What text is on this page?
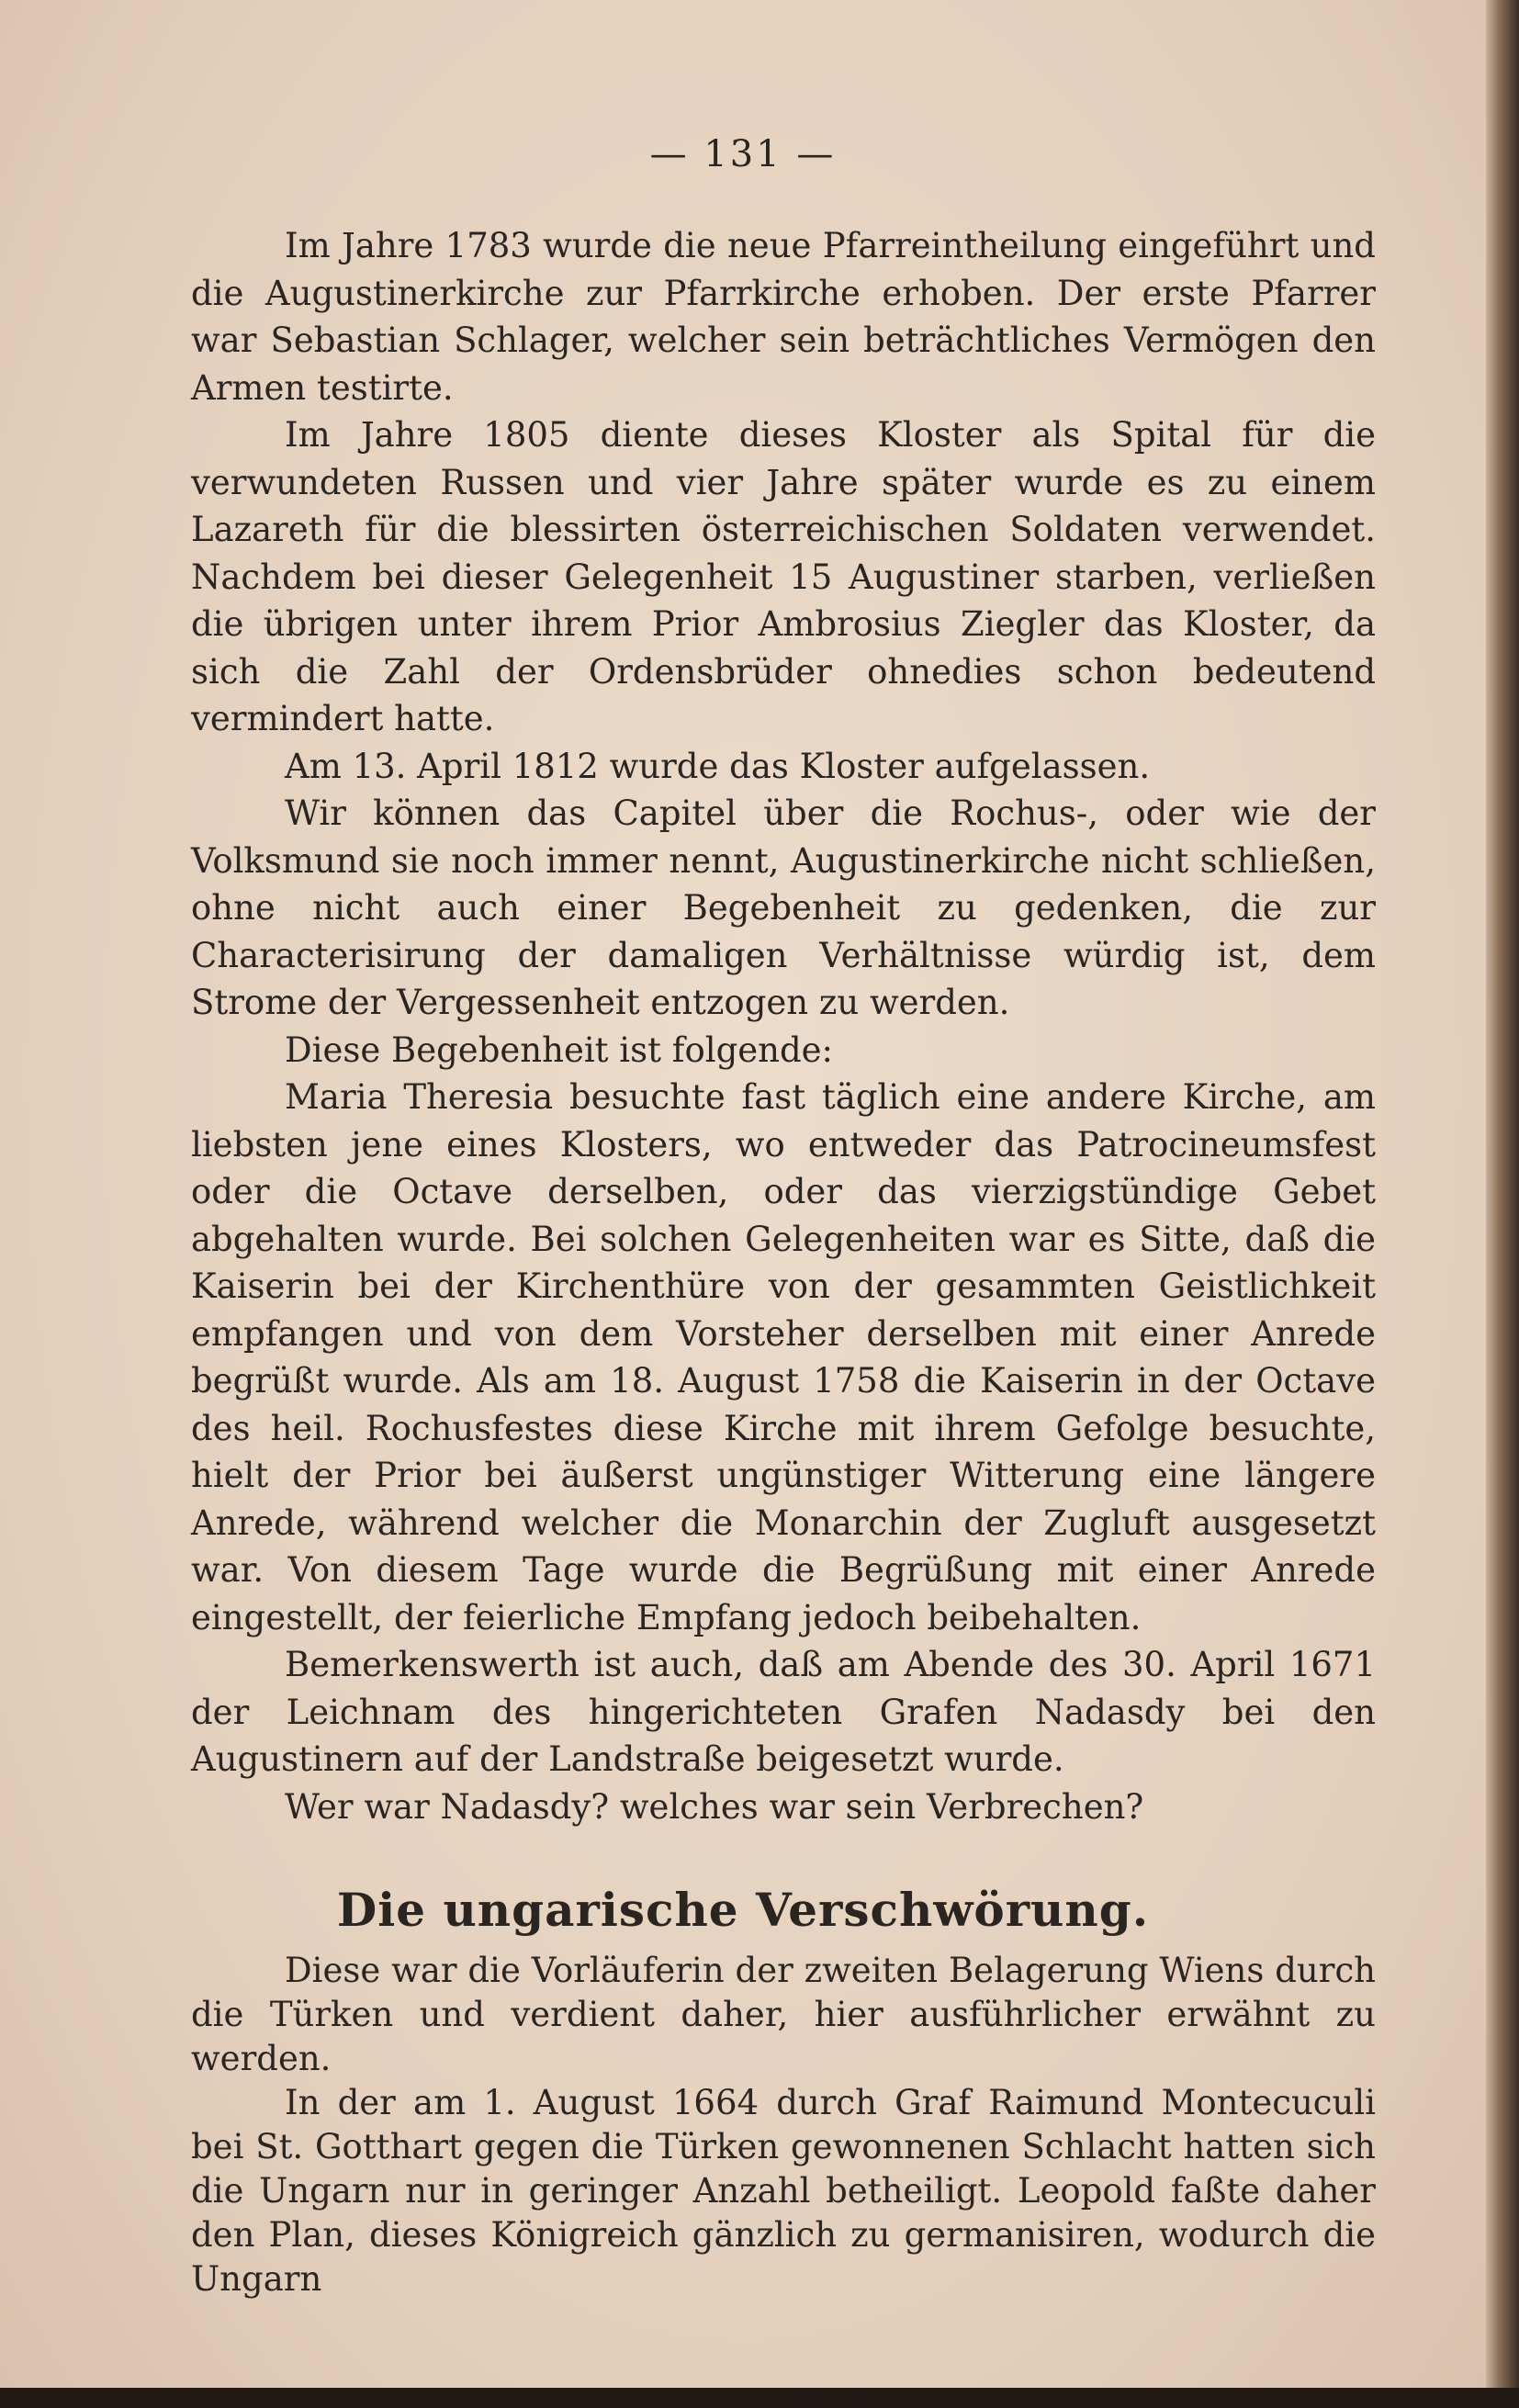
— 131 —

Im Jahre 1783 wurde die neue Pfarreintheilung eingeführt und die Augustinerkirche zur Pfarrkirche erhoben. Der erste Pfarrer war Sebastian Schlager, welcher sein beträchtliches Vermögen den Armen testirte.

Im Jahre 1805 diente dieses Kloster als Spital für die verwundeten Russen und vier Jahre später wurde es zu einem Lazareth für die blessirten österreichischen Soldaten verwendet. Nachdem bei dieser Gelegenheit 15 Augustiner starben, verließen die übrigen unter ihrem Prior Ambrosius Ziegler das Kloster, da sich die Zahl der Ordensbrüder ohnedies schon bedeutend vermindert hatte.

Am 13. April 1812 wurde das Kloster aufgelassen.

Wir können das Capitel über die Rochus-, oder wie der Volksmund sie noch immer nennt, Augustinerkirche nicht schließen, ohne nicht auch einer Begebenheit zu gedenken, die zur Characterisirung der damaligen Verhältnisse würdig ist, dem Strome der Vergessenheit entzogen zu werden.

Diese Begebenheit ist folgende:

Maria Theresia besuchte fast täglich eine andere Kirche, am liebsten jene eines Klosters, wo entweder das Patrocineumsfest oder die Octave derselben, oder das vierzigstündige Gebet abgehalten wurde. Bei solchen Gelegenheiten war es Sitte, daß die Kaiserin bei der Kirchenthüre von der gesammten Geistlichkeit empfangen und von dem Vorsteher derselben mit einer Anrede begrüßt wurde. Als am 18. August 1758 die Kaiserin in der Octave des heil. Rochusfestes diese Kirche mit ihrem Gefolge besuchte, hielt der Prior bei äußerst ungünstiger Witterung eine längere Anrede, während welcher die Monarchin der Zugluft ausgesetzt war. Von diesem Tage wurde die Begrüßung mit einer Anrede eingestellt, der feierliche Empfang jedoch beibehalten.

Bemerkenswerth ist auch, daß am Abende des 30. April 1671 der Leichnam des hingerichteten Grafen Nadasdy bei den Augustinern auf der Landstraße beigesetzt wurde.

Wer war Nadasdy? welches war sein Verbrechen?

Die ungarische Verschwörung.

Diese war die Vorläuferin der zweiten Belagerung Wiens durch die Türken und verdient daher, hier ausführlicher erwähnt zu werden.

In der am 1. August 1664 durch Graf Raimund Montecuculi bei St. Gotthart gegen die Türken gewonnenen Schlacht hatten sich die Ungarn nur in geringer Anzahl betheiligt. Leopold faßte daher den Plan, dieses Königreich gänzlich zu germanisiren, wodurch die Ungarn
